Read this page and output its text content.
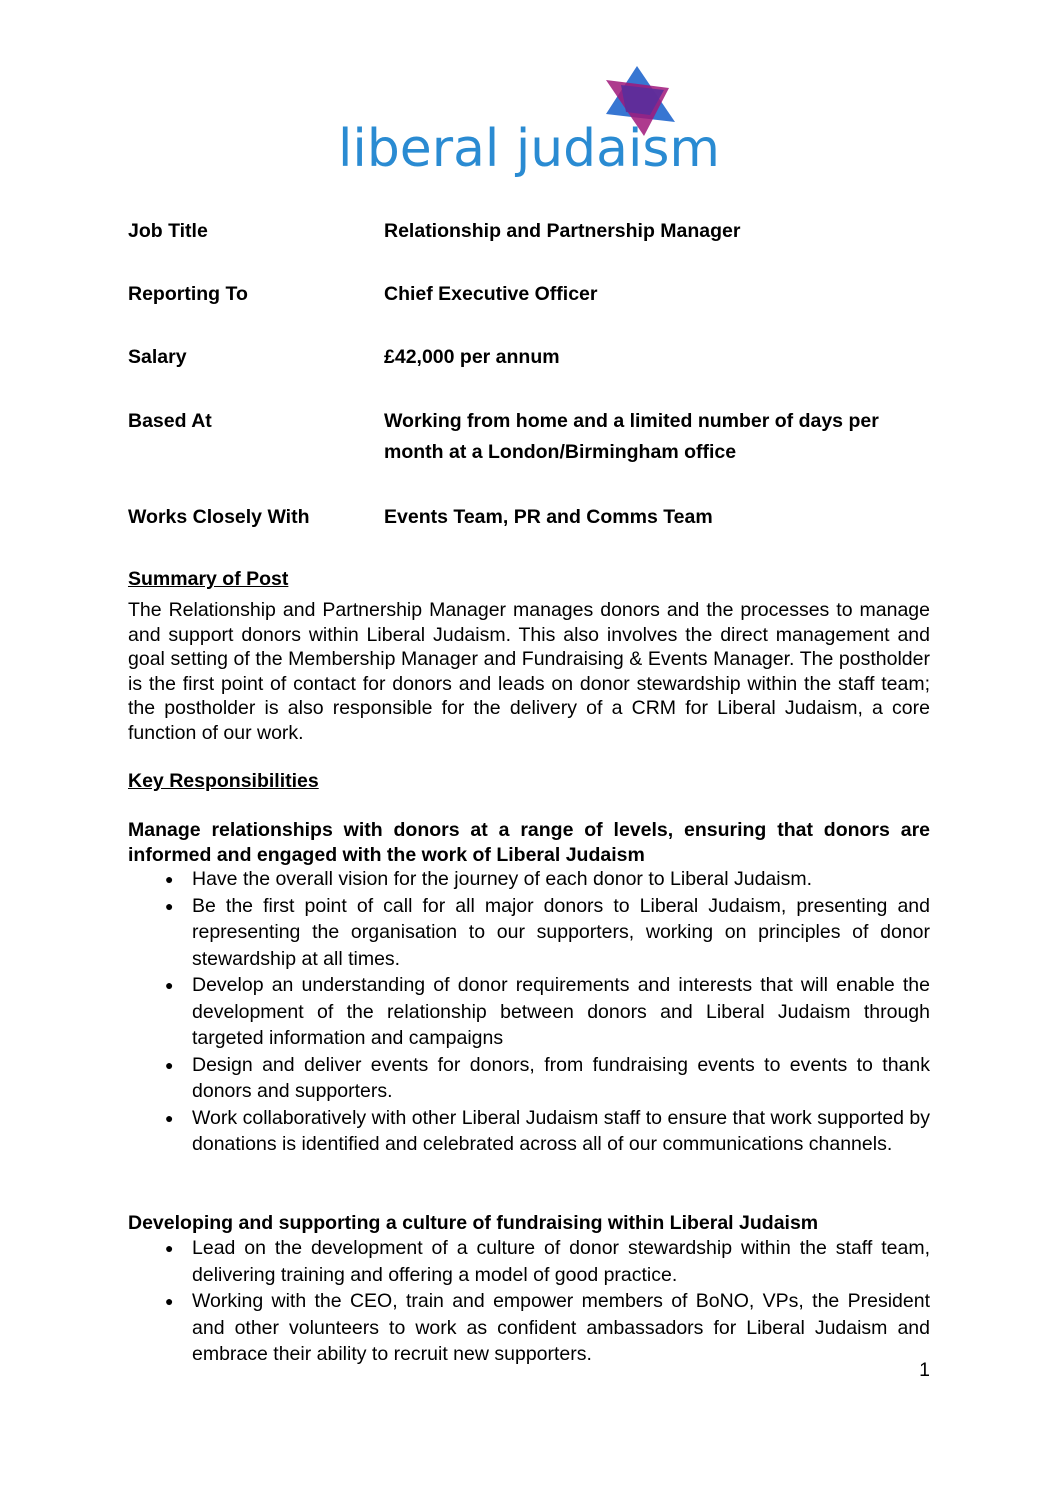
liberal judaism
Job Title	Relationship and Partnership Manager
Reporting To	Chief Executive Officer
Salary	£42,000 per annum
Based At	Working from home and a limited number of days per month at a London/Birmingham office
Works Closely With	Events Team, PR and Comms Team
Summary of Post
The Relationship and Partnership Manager manages donors and the processes to manage and support donors within Liberal Judaism. This also involves the direct management and goal setting of the Membership Manager and Fundraising & Events Manager. The postholder is the first point of contact for donors and leads on donor stewardship within the staff team; the postholder is also responsible for the delivery of a CRM for Liberal Judaism, a core function of our work.
Key Responsibilities
Manage relationships with donors at a range of levels, ensuring that donors are informed and engaged with the work of Liberal Judaism
● Have the overall vision for the journey of each donor to Liberal Judaism.
● Be the first point of call for all major donors to Liberal Judaism, presenting and representing the organisation to our supporters, working on principles of donor stewardship at all times.
● Develop an understanding of donor requirements and interests that will enable the development of the relationship between donors and Liberal Judaism through targeted information and campaigns
● Design and deliver events for donors, from fundraising events to events to thank donors and supporters.
● Work collaboratively with other Liberal Judaism staff to ensure that work supported by donations is identified and celebrated across all of our communications channels.
Developing and supporting a culture of fundraising within Liberal Judaism
● Lead on the development of a culture of donor stewardship within the staff team, delivering training and offering a model of good practice.
● Working with the CEO, train and empower members of BoNO, VPs, the President and other volunteers to work as confident ambassadors for Liberal Judaism and embrace their ability to recruit new supporters.
1
